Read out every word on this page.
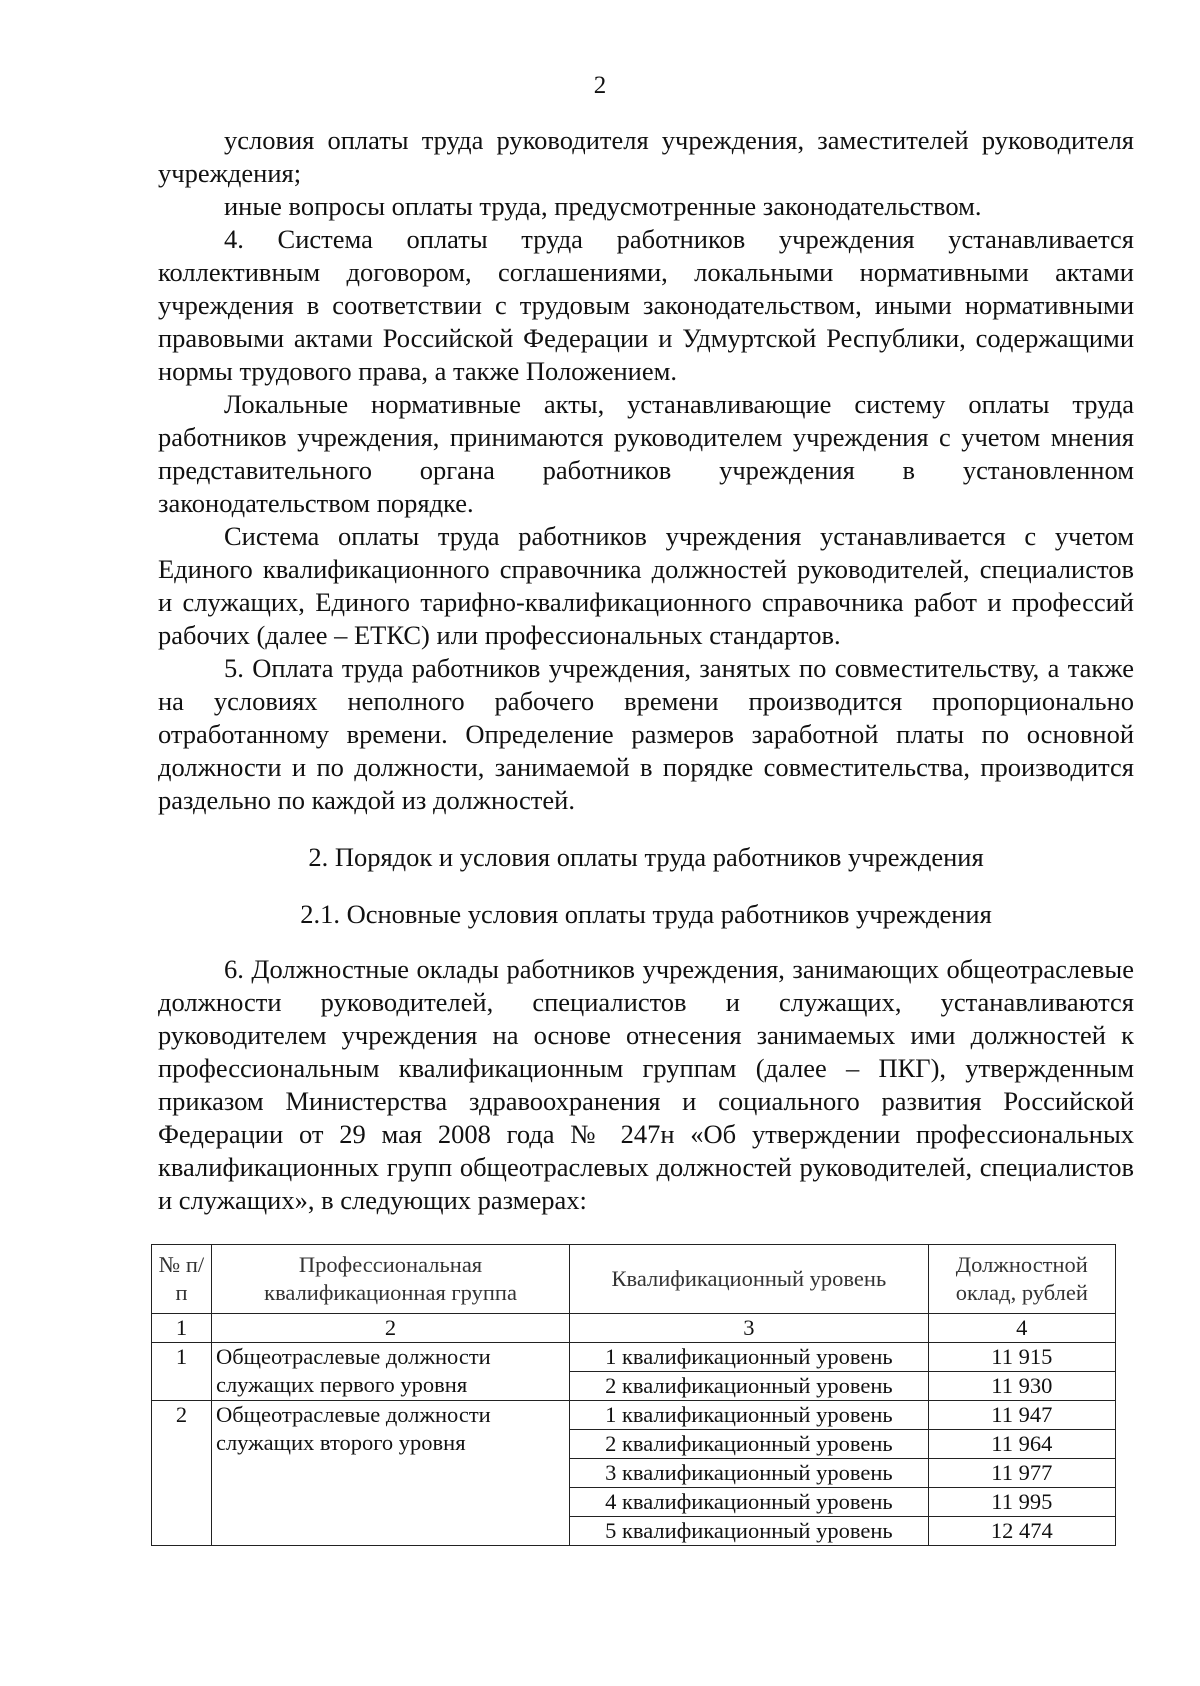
2

условия оплаты труда руководителя учреждения, заместителей руководителя учреждения;

иные вопросы оплаты труда, предусмотренные законодательством.

4. Система оплаты труда работников учреждения устанавливается коллективным договором, соглашениями, локальными нормативными актами учреждения в соответствии с трудовым законодательством, иными нормативными правовыми актами Российской Федерации и Удмуртской Республики, содержащими нормы трудового права, а также Положением.

Локальные нормативные акты, устанавливающие систему оплаты труда работников учреждения, принимаются руководителем учреждения с учетом мнения представительного органа работников учреждения в установленном законодательством порядке.

Система оплаты труда работников учреждения устанавливается с учетом Единого квалификационного справочника должностей руководителей, специалистов и служащих, Единого тарифно-квалификационного справочника работ и профессий рабочих (далее – ЕТКС) или профессиональных стандартов.

5. Оплата труда работников учреждения, занятых по совместительству, а также на условиях неполного рабочего времени производится пропорционально отработанному времени. Определение размеров заработной платы по основной должности и по должности, занимаемой в порядке совместительства, производится раздельно по каждой из должностей.

2. Порядок и условия оплаты труда работников учреждения

2.1. Основные условия оплаты труда работников учреждения

6. Должностные оклады работников учреждения, занимающих общеотраслевые должности руководителей, специалистов и служащих, устанавливаются руководителем учреждения на основе отнесения занимаемых ими должностей к профессиональным квалификационным группам (далее – ПКГ), утвержденным приказом Министерства здравоохранения и социального развития Российской Федерации от 29 мая 2008 года № 247н «Об утверждении профессиональных квалификационных групп общеотраслевых должностей руководителей, специалистов и служащих», в следующих размерах:

№ п/п	Профессиональная квалификационная группа	Квалификационный уровень	Должностной оклад, рублей
1	2	3	4
1	Общеотраслевые должности служащих первого уровня	1 квалификационный уровень	11 915
		2 квалификационный уровень	11 930
2	Общеотраслевые должности служащих второго уровня	1 квалификационный уровень	11 947
		2 квалификационный уровень	11 964
		3 квалификационный уровень	11 977
		4 квалификационный уровень	11 995
		5 квалификационный уровень	12 474
